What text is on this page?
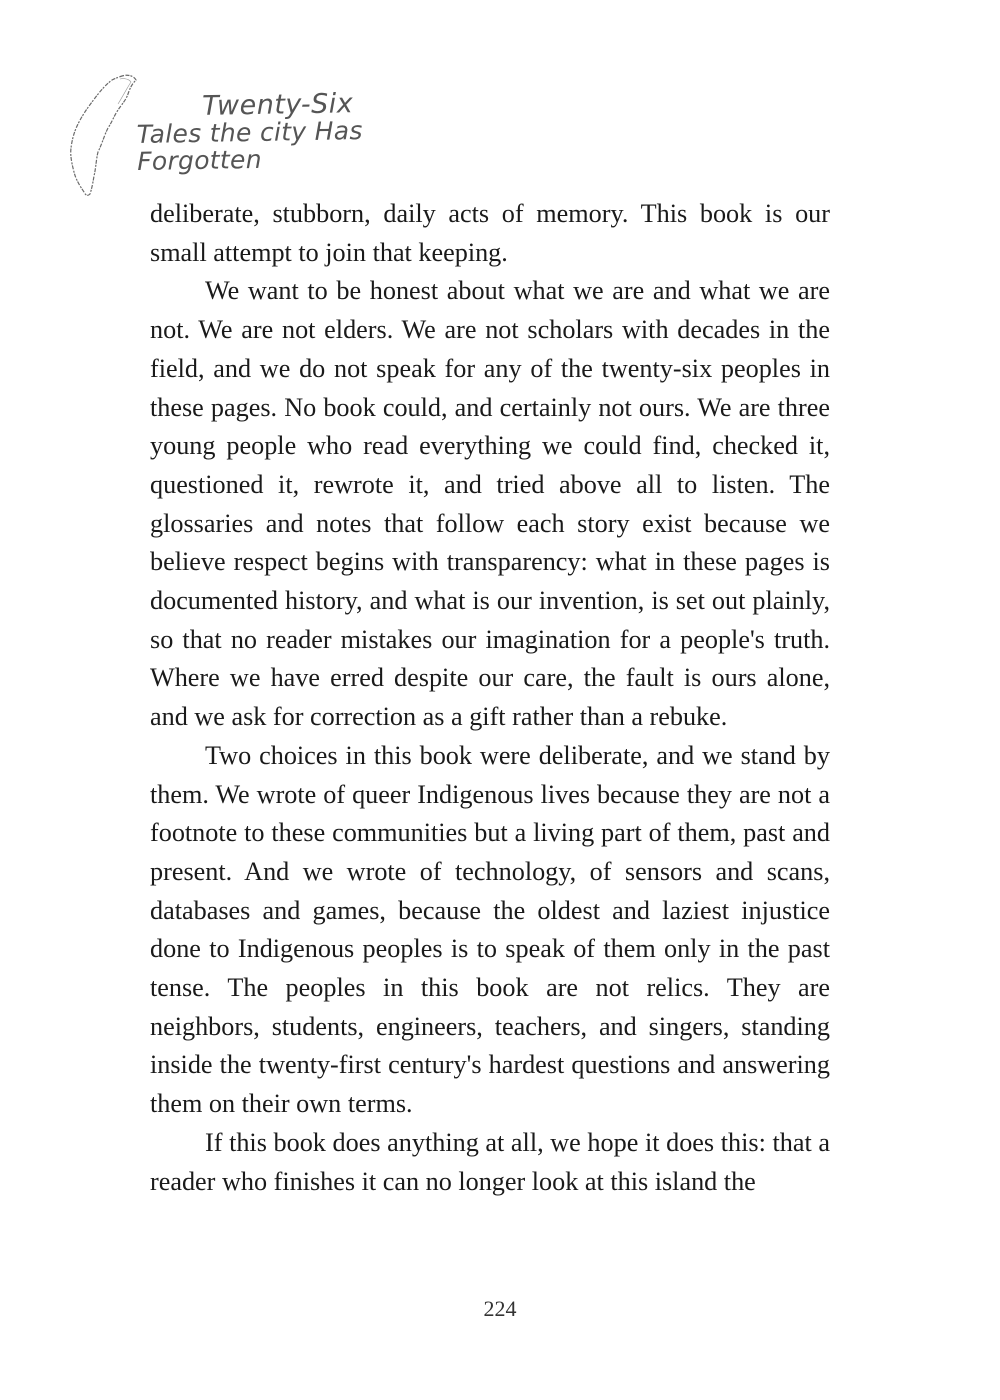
Twenty-Six
Tales the city Has Forgotten

deliberate, stubborn, daily acts of memory. This book is our small attempt to join that keeping.

We want to be honest about what we are and what we are not. We are not elders. We are not scholars with decades in the field, and we do not speak for any of the twenty-six peoples in these pages. No book could, and certainly not ours. We are three young people who read everything we could find, checked it, questioned it, rewrote it, and tried above all to listen. The glossaries and notes that follow each story exist because we believe respect begins with transparency: what in these pages is documented history, and what is our invention, is set out plainly, so that no reader mistakes our imagination for a people's truth. Where we have erred despite our care, the fault is ours alone, and we ask for correction as a gift rather than a rebuke.

Two choices in this book were deliberate, and we stand by them. We wrote of queer Indigenous lives because they are not a footnote to these communities but a living part of them, past and present. And we wrote of technology, of sensors and scans, databases and games, because the oldest and laziest injustice done to Indigenous peoples is to speak of them only in the past tense. The peoples in this book are not relics. They are neighbors, students, engineers, teachers, and singers, standing inside the twenty-first century's hardest questions and answering them on their own terms.

If this book does anything at all, we hope it does this: that a reader who finishes it can no longer look at this island the

224
